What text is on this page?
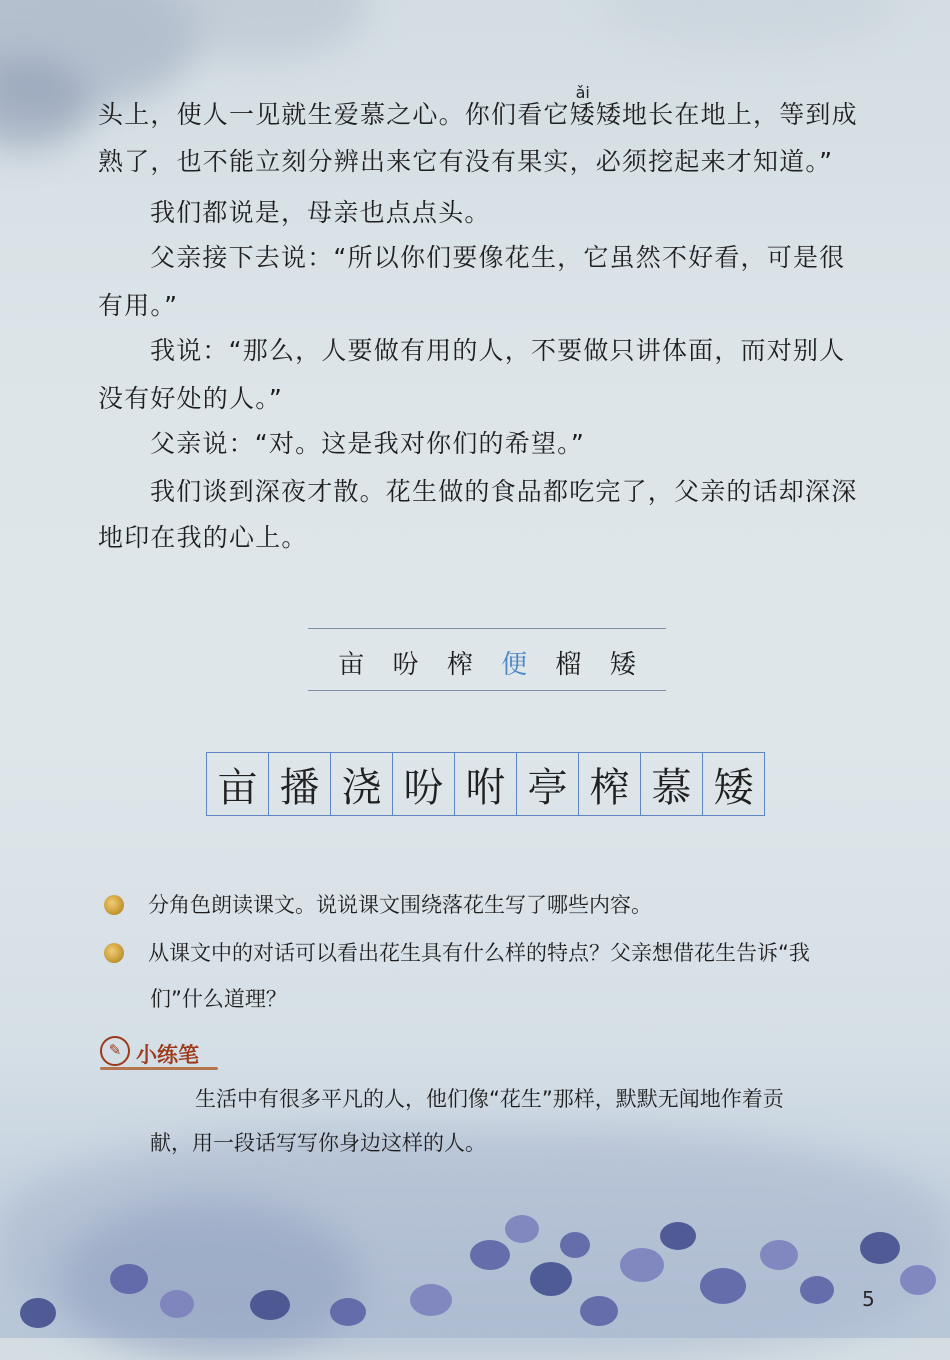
头上，使人一见就生爱慕之心。你们看它
ǎi
矮矮地长在地上，等到成
熟了，也不能立刻分辨出来它有没有果实，必须挖起来才知道。”
我们都说是，母亲也点点头。
父亲接下去说：“所以你们要像花生，它虽然不好看，可是很
有用。”
我说：“那么，人要做有用的人，不要做只讲体面，而对别人
没有好处的人。”
父亲说：“对。这是我对你们的希望。”
我们谈到深夜才散。花生做的食品都吃完了，父亲的话却深深
地印在我的心上。
亩 吩 榨 便 榴 矮
亩 播 浇 吩 咐 亭 榨 慕 矮
分角色朗读课文。说说课文围绕落花生写了哪些内容。
从课文中的对话可以看出花生具有什么样的特点？父亲想借花生告诉“我
们”什么道理？
✎ 小练笔
生活中有很多平凡的人，他们像“花生”那样，默默无闻地作着贡
献，用一段话写写你身边这样的人。
5
